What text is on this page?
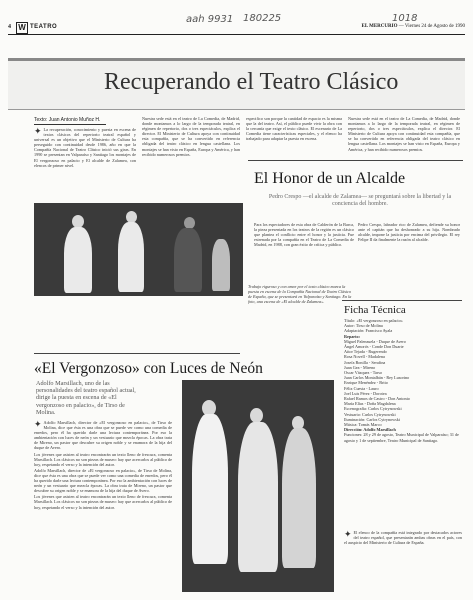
aah 9931 180225	1018
4 W TEATRO	EL MERCURIO — Viernes 24 de Agosto de 1990
Recuperando el Teatro Clásico
Texto: Juan Antonio Muñoz H.

✦ La recuperación, conocimiento y puesta en escena de textos clásicos del repertorio teatral español y universal es un objetivo que el Ministerio de Cultura ha perseguido con continuidad desde 1986, año en que la Compañía Nacional de Teatro Clásico inició sus giras. En 1990 se presentan en Valparaíso y Santiago los montajes de El vergonzoso en palacio y El alcalde de Zalamea, con elencos de primer nivel.

Nuestra sede está en el teatro de La Comedia, de Madrid, donde montamos a lo largo de la temporada teatral, en régimen de repertorio, dos o tres espectáculos, explica el director. El Ministerio de Cultura apoya con continuidad esta compañía, que se ha convertido en referencia obligada del teatro clásico en lengua castellana. Los montajes se han visto en España, Europa y América, y han recibido numerosos premios.
especifico son porque la cantidad de espacio es la misma que la del teatro. Así, el público puede vivir la obra con la cercanía que exige el texto clásico. El escenario de La Comedia tiene características especiales, y el elenco ha trabajado para adaptar la puesta en escena.
Nuestra sede está en el teatro de La Comedia, de Madrid, donde montamos a lo largo de la temporada teatral, en régimen de repertorio, dos o tres espectáculos, explica el director. El Ministerio de Cultura apoya con continuidad esta compañía, que se ha convertido en referencia obligada del teatro clásico en lengua castellana. Los montajes se han visto en España, Europa y América, y han recibido numerosos premios.
El Honor de un Alcalde
Pedro Crespo —el alcalde de Zalamea— se preguntará sobre la libertad y la conciencia del hombre.
Para los espectadores de esta obra de Calderón de la Barca, la pieza presentada en los teatros de la región es un clásico que plantea el conflicto entre el honor y la justicia. Fue estrenada por la compañía en el Teatro de La Comedia de Madrid, en 1988, con gran éxito de crítica y público.
Pedro Crespo, labrador rico de Zalamea, defiende su honor ante el capitán que ha deshonrado a su hija. Nombrado alcalde, impone la justicia por encima del privilegio. El rey Felipe II da finalmente la razón al alcalde.
Trabajo riguroso y con amor por el texto clásico marca la puesta en escena de la Compañía Nacional de Teatro Clásico de España, que se presentará en Valparaíso y Santiago. En la foto, una escena de «El alcalde de Zalamea».
«El Vergonzoso» con Luces de Neón
Adolfo Marsillach, uno de las personalidades del teatro español actual, dirige la puesta en escena de «El vergonzoso en palacio», de Tirso de Molina.

✦ Adolfo Marsillach, director de «El vergonzoso en palacio», de Tirso de Molina, dice que ésta es una obra que se puede ver como una comedia de enredos, pero él ha querido darle una lectura contemporánea. Por eso la ambientación con luces de neón y un vestuario que mezcla épocas. La obra trata de Mireno, un pastor que descubre su origen noble y se enamora de la hija del duque de Avero.

Los jóvenes que asisten al teatro encontrarán un texto lleno de frescura, comenta Marsillach. Los clásicos no son piezas de museo: hay que acercarlos al público de hoy, respetando el verso y la intención del autor.

Adolfo Marsillach, director de «El vergonzoso en palacio», de Tirso de Molina, dice que ésta es una obra que se puede ver como una comedia de enredos, pero él ha querido darle una lectura contemporánea. Por eso la ambientación con luces de neón y un vestuario que mezcla épocas. La obra trata de Mireno, un pastor que descubre su origen noble y se enamora de la hija del duque de Avero.

Los jóvenes que asisten al teatro encontrarán un texto lleno de frescura, comenta Marsillach. Los clásicos no son piezas de museo: hay que acercarlos al público de hoy, respetando el verso y la intención del autor.

Ficha Técnica
Título: «El vergonzoso en palacio»
Autor: Tirso de Molina
Adaptación: Francisco Ayala
Reparto:
Miguel Palenzuela - Duque de Avero
Ángel Amorós - Conde Don Duarte
Aitor Tejada - Rugerendo
Rosa Novell - Madalena
Josefa Bonilla - Serafina
Juan Gea - Mireno
Oscar Vázquez - Tarso
Juan Carlos Montalbán - Rey Lusorino
Enrique Menéndez - Brito
Félix Cuesta - Lauro
Joel Luis Pérez - Dorotea
Rafael Ramos de Castro - Don Antonio
María Elías - Doña Magdalena
Escenografía: Carlos Cytrynowski
Vestuario: Carlos Cytrynowski
Iluminación: Carlos Cytrynowski
Música: Tomás Marco
Dirección: Adolfo Marsillach
Funciones: 28 y 29 de agosto, Teatro Municipal de Valparaíso; 31 de agosto y 1 de septiembre, Teatro Municipal de Santiago.

✦ El elenco de la compañía está integrado por destacados actores del teatro español, que presentarán ambas obras en el país, con el auspicio del Ministerio de Cultura de España.
